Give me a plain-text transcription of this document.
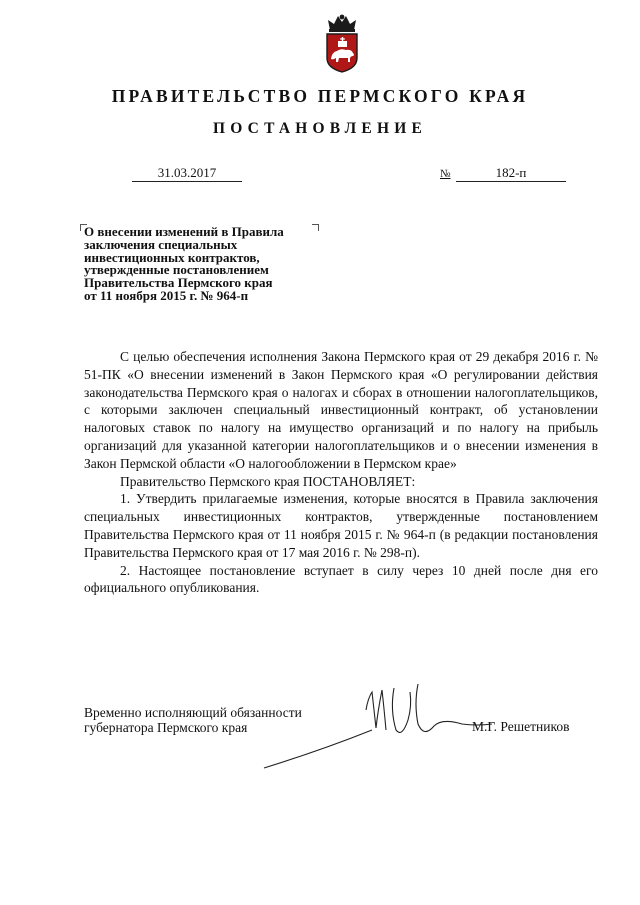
ПРАВИТЕЛЬСТВО ПЕРМСКОГО КРАЯ
ПОСТАНОВЛЕНИЕ
31.03.2017	№	182-п
О внесении изменений в Правила
заключения специальных
инвестиционных контрактов,
утвержденные постановлением
Правительства Пермского края
от 11 ноября 2015 г. № 964-п

С целью обеспечения исполнения Закона Пермского края от 29 декабря 2016 г. № 51-ПК «О внесении изменений в Закон Пермского края «О регулировании действия законодательства Пермского края о налогах и сборах в отношении налогоплательщиков, с которыми заключен специальный инвестиционный контракт, об установлении налоговых ставок по налогу на имущество организаций и по налогу на прибыль организаций для указанной категории налогоплательщиков и о внесении изменения в Закон Пермской области «О налогообложении в Пермском крае»

Правительство Пермского края ПОСТАНОВЛЯЕТ:

1. Утвердить прилагаемые изменения, которые вносятся в Правила заключения специальных инвестиционных контрактов, утвержденные постановлением Правительства Пермского края от 11 ноября 2015 г. № 964-п (в редакции постановления Правительства Пермского края от 17 мая 2016 г. № 298-п).

2. Настоящее постановление вступает в силу через 10 дней после дня его официального опубликования.

Временно исполняющий обязанности
губернатора Пермского края	М.Г. Решетников
